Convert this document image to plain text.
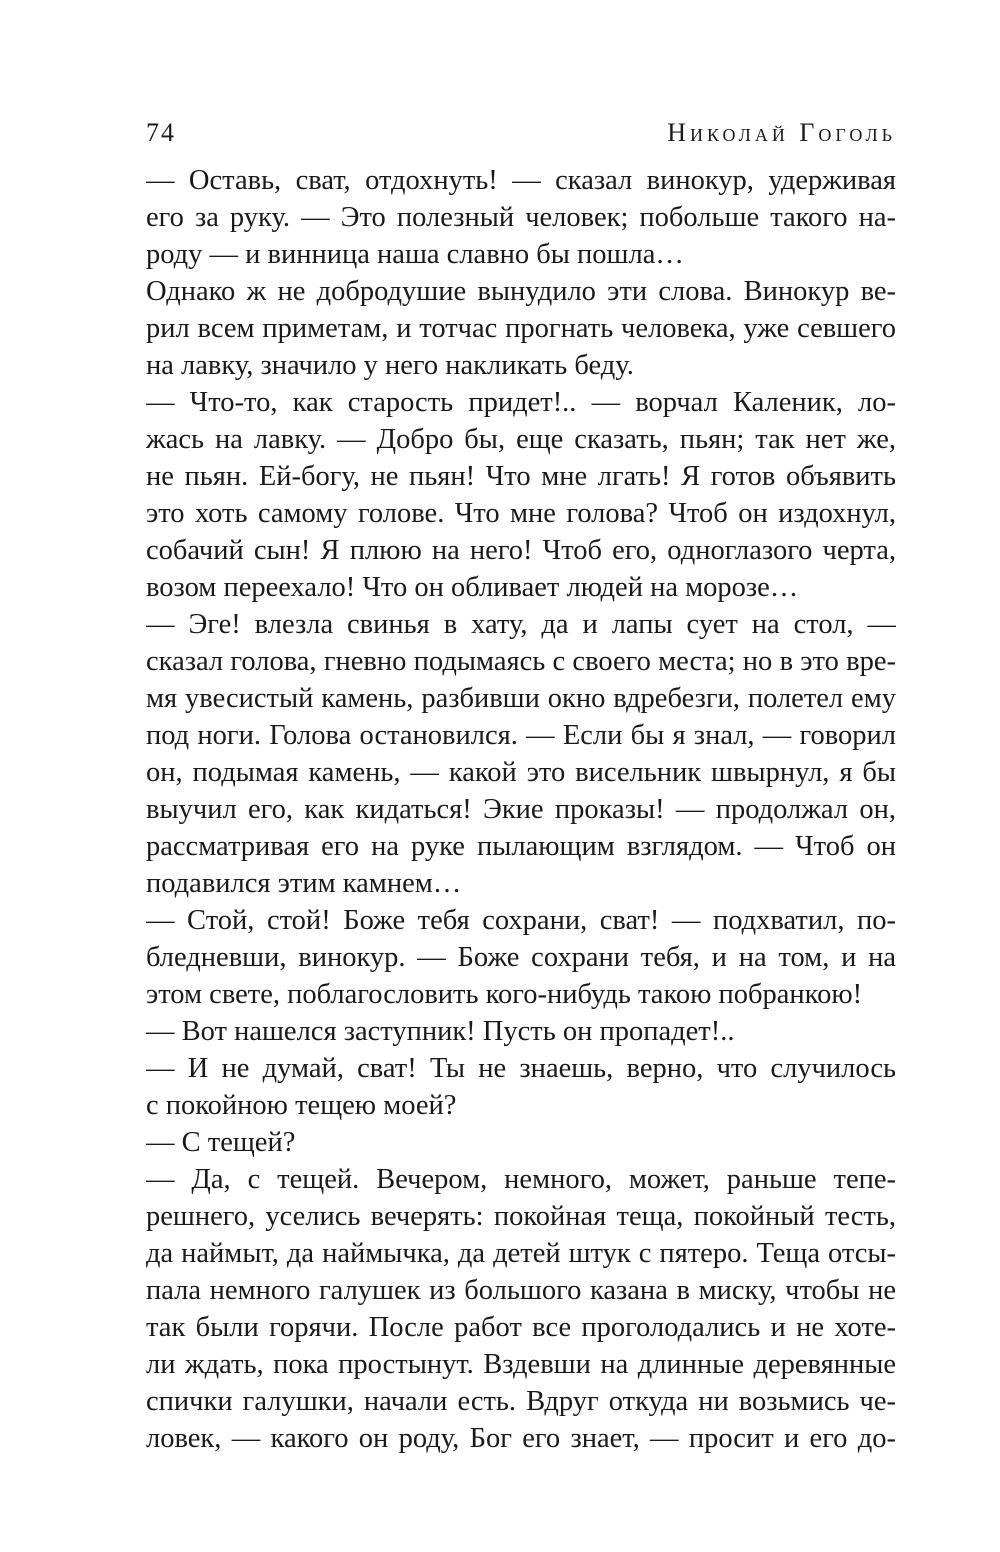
74	Николай Гоголь
— Оставь, сват, отдохнуть! — сказал винокур, удерживая
его за руку. — Это полезный человек; побольше такого на-
роду — и винница наша славно бы пошла…
Однако ж не добродушие вынудило эти слова. Винокур ве-
рил всем приметам, и тотчас прогнать человека, уже севшего
на лавку, значило у него накликать беду.
— Что-то, как старость придет!.. — ворчал Каленик, ло-
жась на лавку. — Добро бы, еще сказать, пьян; так нет же,
не пьян. Ей-богу, не пьян! Что мне лгать! Я готов объявить
это хоть самому голове. Что мне голова? Чтоб он издохнул,
собачий сын! Я плюю на него! Чтоб его, одноглазого черта,
возом переехало! Что он обливает людей на морозе…
— Эге! влезла свинья в хату, да и лапы сует на стол, —
сказал голова, гневно подымаясь с своего места; но в это вре-
мя увесистый камень, разбивши окно вдребезги, полетел ему
под ноги. Голова остановился. — Если бы я знал, — говорил
он, подымая камень, — какой это висельник швырнул, я бы
выучил его, как кидаться! Экие проказы! — продолжал он,
рассматривая его на руке пылающим взглядом. — Чтоб он
подавился этим камнем…
— Стой, стой! Боже тебя сохрани, сват! — подхватил, по-
бледневши, винокур. — Боже сохрани тебя, и на том, и на
этом свете, поблагословить кого-нибудь такою побранкою!
— Вот нашелся заступник! Пусть он пропадет!..
— И не думай, сват! Ты не знаешь, верно, что случилось
с покойною тещею моей?
— С тещей?
— Да, с тещей. Вечером, немного, может, раньше тепе-
решнего, уселись вечерять: покойная теща, покойный тесть,
да наймыт, да наймычка, да детей штук с пятеро. Теща отсы-
пала немного галушек из большого казана в миску, чтобы не
так были горячи. После работ все проголодались и не хоте-
ли ждать, пока простынут. Вздевши на длинные деревянные
спички галушки, начали есть. Вдруг откуда ни возьмись че-
ловек, — какого он роду, Бог его знает, — просит и его до-
